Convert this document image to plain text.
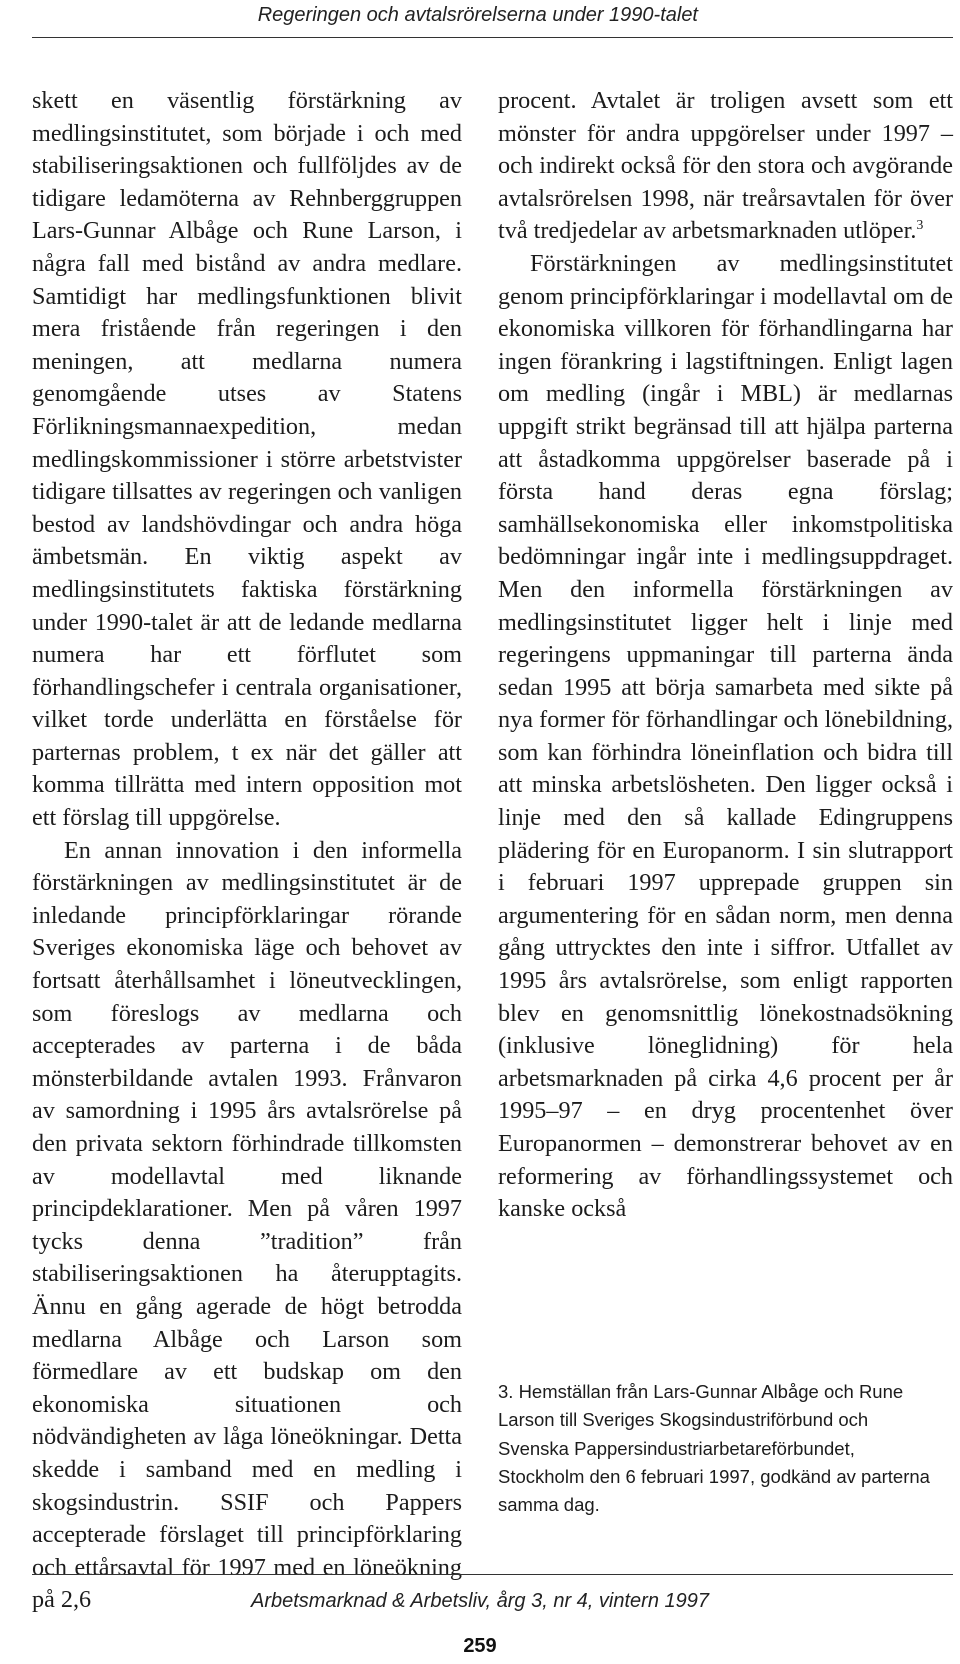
Regeringen och avtalsrörelserna under 1990-talet

skett en väsentlig förstärkning av medlingsinstitutet, som började i och med stabiliseringsaktionen och fullföljdes av de tidigare ledamöterna av Rehnberggruppen Lars-Gunnar Albåge och Rune Larson, i några fall med bistånd av andra medlare. Samtidigt har medlingsfunktionen blivit mera fristående från regeringen i den meningen, att medlarna numera genomgående utses av Statens Förlikningsmannaexpedition, medan medlingskommissioner i större arbetstvister tidigare tillsattes av regeringen och vanligen bestod av landshövdingar och andra höga ämbetsmän. En viktig aspekt av medlingsinstitutets faktiska förstärkning under 1990-talet är att de ledande medlarna numera har ett förflutet som förhandlingschefer i centrala organisationer, vilket torde underlätta en förståelse för parternas problem, t ex när det gäller att komma tillrätta med intern opposition mot ett förslag till uppgörelse.

En annan innovation i den informella förstärkningen av medlingsinstitutet är de inledande principförklaringar rörande Sveriges ekonomiska läge och behovet av fortsatt återhållsamhet i löneutvecklingen, som föreslogs av medlarna och accepterades av parterna i de båda mönsterbildande avtalen 1993. Frånvaron av samordning i 1995 års avtalsrörelse på den privata sektorn förhindrade tillkomsten av modellavtal med liknande principdeklarationer. Men på våren 1997 tycks denna ”tradition” från stabiliseringsaktionen ha återupptagits. Ännu en gång agerade de högt betrodda medlarna Albåge och Larson som förmedlare av ett budskap om den ekonomiska situationen och nödvändigheten av låga löneökningar. Detta skedde i samband med en medling i skogsindustrin. SSIF och Pappers accepterade förslaget till principförklaring och ettårsavtal för 1997 med en löneökning på 2,6

procent. Avtalet är troligen avsett som ett mönster för andra uppgörelser under 1997 – och indirekt också för den stora och avgörande avtalsrörelsen 1998, när treårsavtalen för över två tredjedelar av arbetsmarknaden utlöper.$^3$

Förstärkningen av medlingsinstitutet genom principförklaringar i modellavtal om de ekonomiska villkoren för förhandlingarna har ingen förankring i lagstiftningen. Enligt lagen om medling (ingår i MBL) är medlarnas uppgift strikt begränsad till att hjälpa parterna att åstadkomma uppgörelser baserade på i första hand deras egna förslag; samhällsekonomiska eller inkomstpolitiska bedömningar ingår inte i medlingsuppdraget. Men den informella förstärkningen av medlingsinstitutet ligger helt i linje med regeringens uppmaningar till parterna ända sedan 1995 att börja samarbeta med sikte på nya former för förhandlingar och lönebildning, som kan förhindra löneinflation och bidra till att minska arbetslösheten. Den ligger också i linje med den så kallade Edingruppens plädering för en Europanorm. I sin slutrapport i februari 1997 upprepade gruppen sin argumentering för en sådan norm, men denna gång uttrycktes den inte i siffror. Utfallet av 1995 års avtalsrörelse, som enligt rapporten blev en genomsnittlig lönekostnadsökning (inklusive löneglidning) för hela arbetsmarknaden på cirka 4,6 procent per år 1995–97 – en dryg procentenhet över Europanormen – demonstrerar behovet av en reformering av förhandlingssystemet och kanske också

3. Hemställan från Lars-Gunnar Albåge och Rune Larson till Sveriges Skogsindustriförbund och Svenska Pappersindustriarbetareförbundet, Stockholm den 6 februari 1997, godkänd av parterna samma dag.
Arbetsmarknad & Arbetsliv, årg 3, nr 4, vintern 1997
259
